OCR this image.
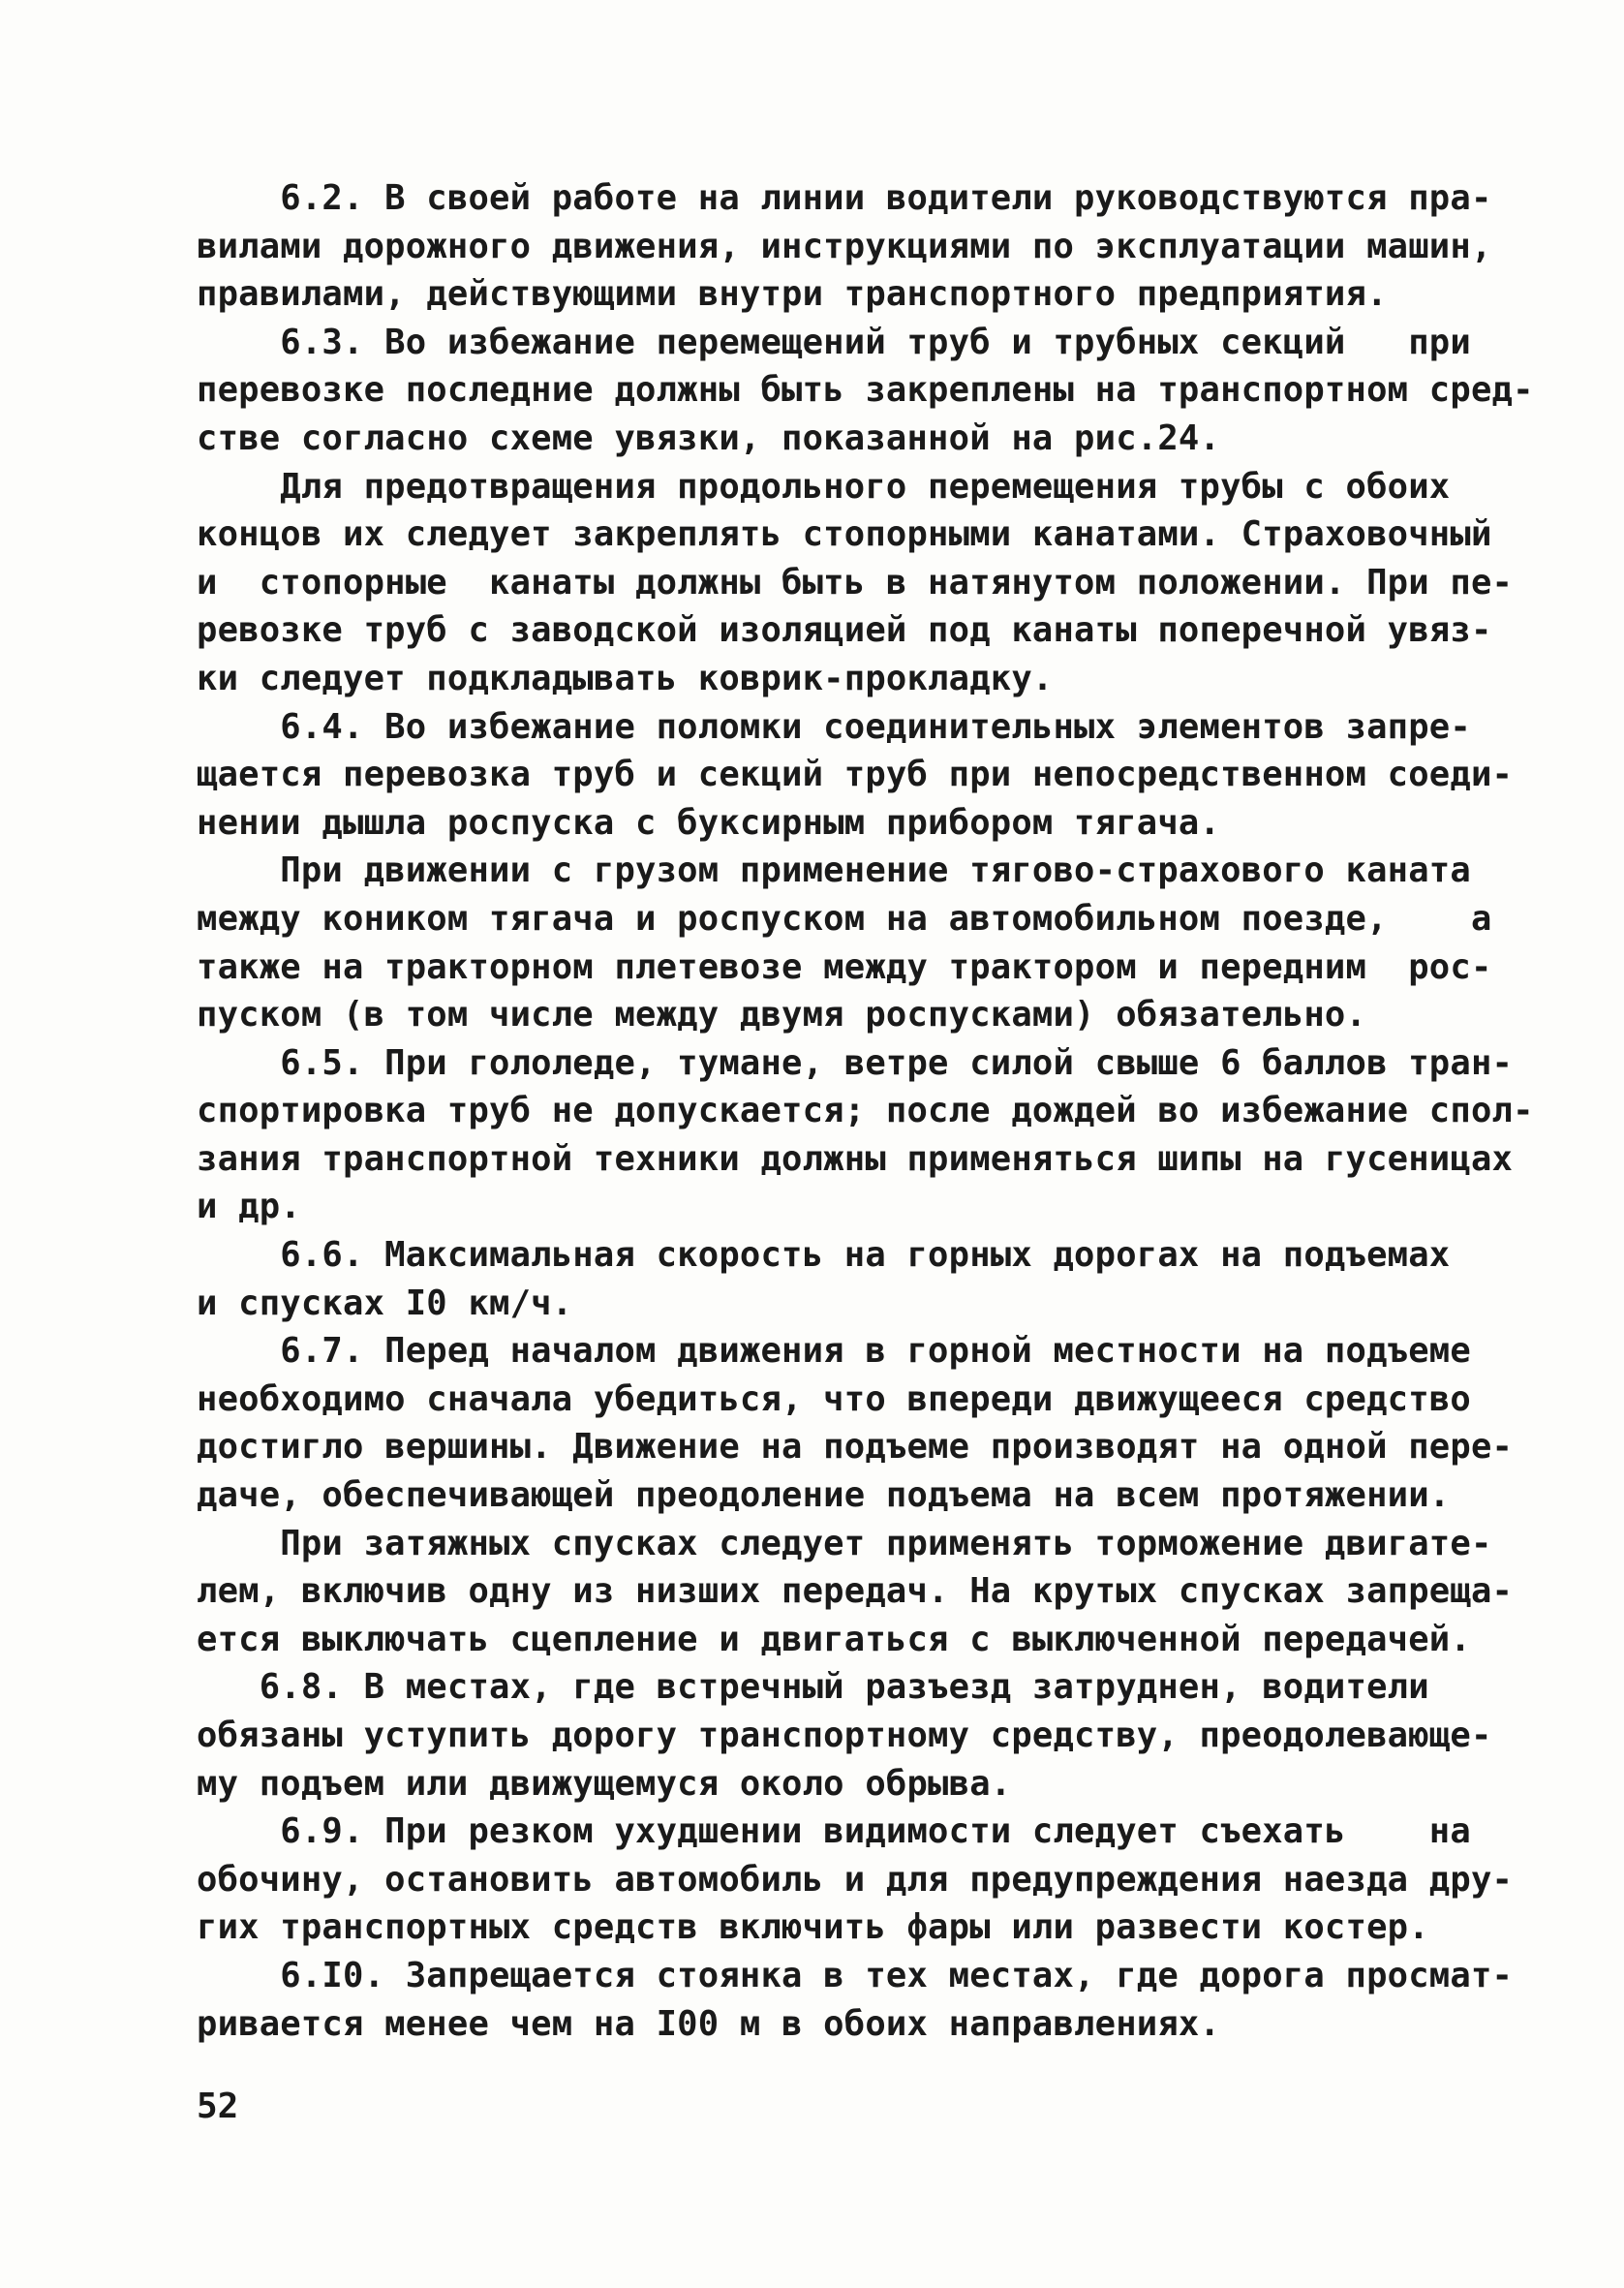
6.2. В своей работе на линии водители руководствуются пра-
вилами дорожного движения, инструкциями по эксплуатации машин,
правилами, действующими внутри транспортного предприятия.
6.3. Во избежание перемещений труб и трубных секций   при
перевозке последние должны быть закреплены на транспортном сред-
стве согласно схеме увязки, показанной на рис.24.
Для предотвращения продольного перемещения трубы с обоих
концов их следует закреплять стопорными канатами. Страховочный
и  стопорные  канаты должны быть в натянутом положении. При пе-
ревозке труб с заводской изоляцией под канаты поперечной увяз-
ки следует подкладывать коврик-прокладку.
6.4. Во избежание поломки соединительных элементов запре-
щается перевозка труб и секций труб при непосредственном соеди-
нении дышла роспуска с буксирным прибором тягача.
При движении с грузом применение тягово-страхового каната
между коником тягача и роспуском на автомобильном поезде,    а
также на тракторном плетевозе между трактором и передним  рос-
пуском (в том числе между двумя роспусками) обязательно.
6.5. При гололеде, тумане, ветре силой свыше 6 баллов тран-
спортировка труб не допускается; после дождей во избежание спол-
зания транспортной техники должны применяться шипы на гусеницах
и др.
6.6. Максимальная скорость на горных дорогах на подъемах
и спусках I0 км/ч.
6.7. Перед началом движения в горной местности на подъеме
необходимо сначала убедиться, что впереди движущееся средство
достигло вершины. Движение на подъеме производят на одной пере-
даче, обеспечивающей преодоление подъема на всем протяжении.
При затяжных спусках следует применять торможение двигате-
лем, включив одну из низших передач. На крутых спусках запреща-
ется выключать сцепление и двигаться с выключенной передачей.
6.8. В местах, где встречный разъезд затруднен, водители
обязаны уступить дорогу транспортному средству, преодолевающе-
му подъем или движущемуся около обрыва.
6.9. При резком ухудшении видимости следует съехать    на
обочину, остановить автомобиль и для предупреждения наезда дру-
гих транспортных средств включить фары или развести костер.
6.I0. Запрещается стоянка в тех местах, где дорога просмат-
ривается менее чем на I00 м в обоих направлениях.
52
